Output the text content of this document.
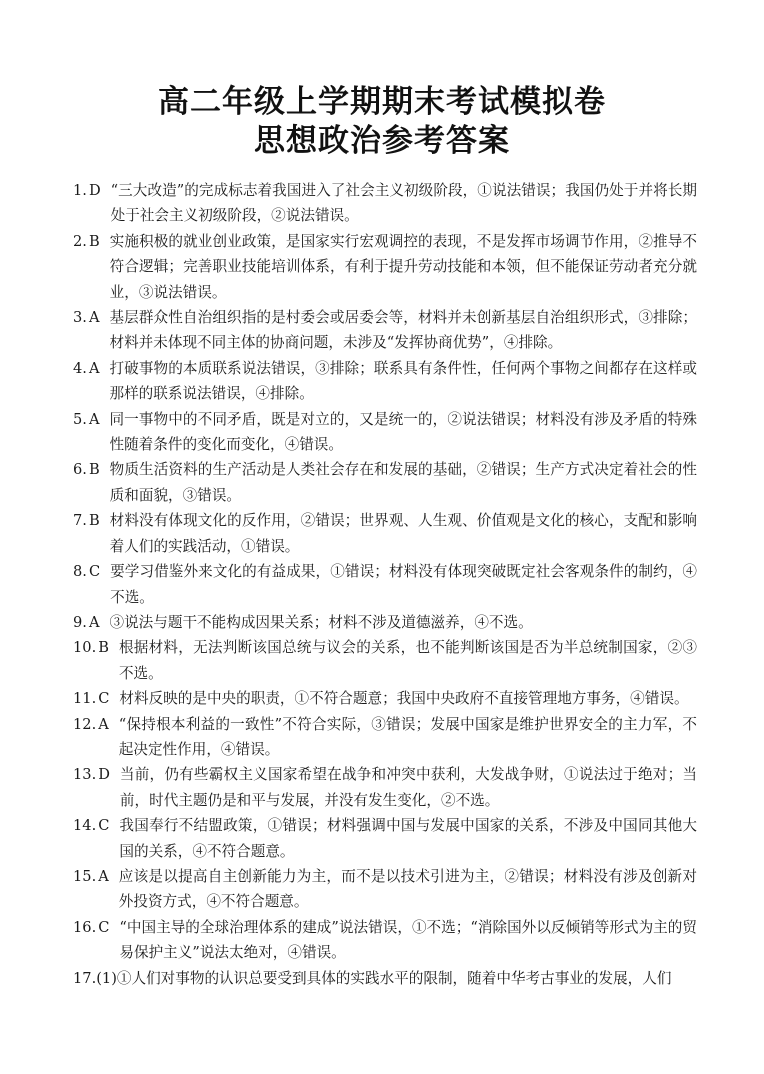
高二年级上学期期末考试模拟卷
思想政治参考答案
1. D “三大改造”的完成标志着我国进入了社会主义初级阶段，①说法错误；我国仍处于并将长期处于社会主义初级阶段，②说法错误。
2. B 实施积极的就业创业政策，是国家实行宏观调控的表现，不是发挥市场调节作用，②推导不符合逻辑；完善职业技能培训体系，有利于提升劳动技能和本领，但不能保证劳动者充分就业，③说法错误。
3. A 基层群众性自治组织指的是村委会或居委会等，材料并未创新基层自治组织形式，③排除；材料并未体现不同主体的协商问题，未涉及“发挥协商优势”，④排除。
4. A 打破事物的本质联系说法错误，③排除；联系具有条件性，任何两个事物之间都存在这样或那样的联系说法错误，④排除。
5. A 同一事物中的不同矛盾，既是对立的，又是统一的，②说法错误；材料没有涉及矛盾的特殊性随着条件的变化而变化，④错误。
6. B 物质生活资料的生产活动是人类社会存在和发展的基础，②错误；生产方式决定着社会的性质和面貌，③错误。
7. B 材料没有体现文化的反作用，②错误；世界观、人生观、价值观是文化的核心，支配和影响着人们的实践活动，①错误。
8. C 要学习借鉴外来文化的有益成果，①错误；材料没有体现突破既定社会客观条件的制约，④不选。
9. A ③说法与题干不能构成因果关系；材料不涉及道德滋养，④不选。
10. B 根据材料，无法判断该国总统与议会的关系，也不能判断该国是否为半总统制国家，②③不选。
11. C 材料反映的是中央的职责，①不符合题意；我国中央政府不直接管理地方事务，④错误。
12. A “保持根本利益的一致性”不符合实际，③错误；发展中国家是维护世界安全的主力军，不起决定性作用，④错误。
13. D 当前，仍有些霸权主义国家希望在战争和冲突中获利，大发战争财，①说法过于绝对；当前，时代主题仍是和平与发展，并没有发生变化，②不选。
14. C 我国奉行不结盟政策，①错误；材料强调中国与发展中国家的关系，不涉及中国同其他大国的关系，④不符合题意。
15. A 应该是以提高自主创新能力为主，而不是以技术引进为主，②错误；材料没有涉及创新对外投资方式，④不符合题意。
16. C “中国主导的全球治理体系的建成”说法错误，①不选；“消除国外以反倾销等形式为主的贸易保护主义”说法太绝对，④错误。
17. (1)①人们对事物的认识总要受到具体的实践水平的限制，随着中华考古事业的发展，人们
